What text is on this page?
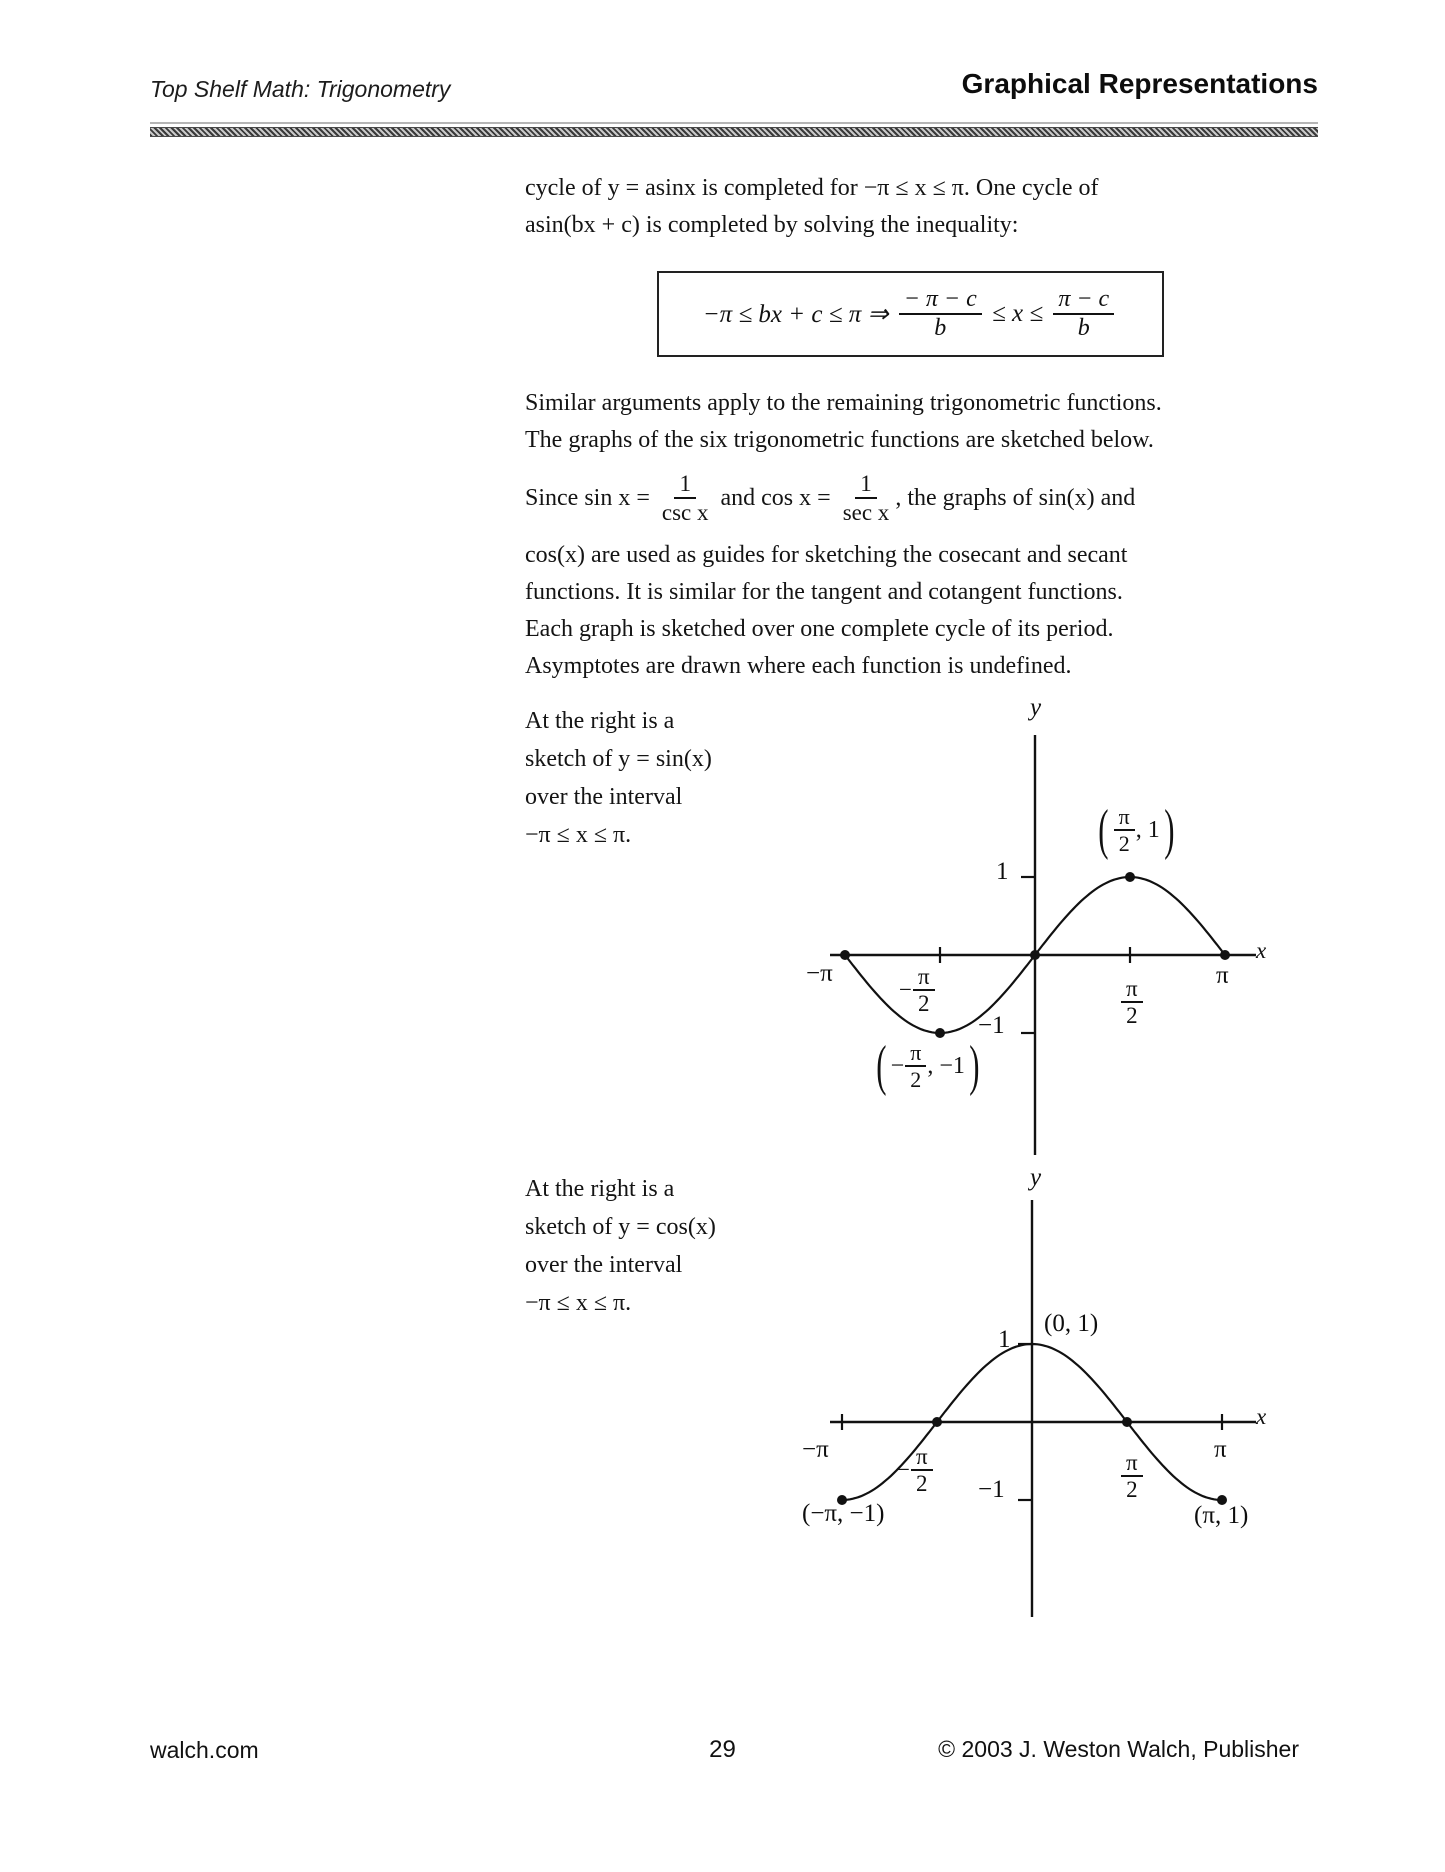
Top Shelf Math: Trigonometry	Graphical Representations
cycle of y = asinx is completed for −π ≤ x ≤ π. One cycle of
asin(bx + c) is completed by solving the inequality:
−π ≤ bx + c ≤ π ⇒ $\frac{- \pi - c}{b} \le x \le \frac{\pi - c}{b}$
Similar arguments apply to the remaining trigonometric functions.
The graphs of the six trigonometric functions are sketched below.
Since $\sin x = \frac{1}{\text{csc x}}$ and $\cos x = \frac{1}{\text{sec x}}$ , the graphs of sin(x) and
cos(x) are used as guides for sketching the cosecant and secant
functions. It is similar for the tangent and cotangent functions.
Each graph is sketched over one complete cycle of its period.
Asymptotes are drawn where each function is undefined.
At the right is a
sketch of y = sin(x)
over the interval
−π ≤ x ≤ π.
y
x
1
−1
−π
− $\frac{\pi}{2}$	$\frac{\pi}{2}$
π
( $\frac{\pi}{2}$ , 1 )
( − $\frac{\pi}{2}$ , −1 )
At the right is a
sketch of y = cos(x)
over the interval
−π ≤ x ≤ π.
y
x
1
(0, 1)
−π
− $\frac{\pi}{2}$	$\frac{\pi}{2}$
π
−1
(−π, −1)	(π, 1)
walch.com	29	© 2003 J. Weston Walch, Publisher
